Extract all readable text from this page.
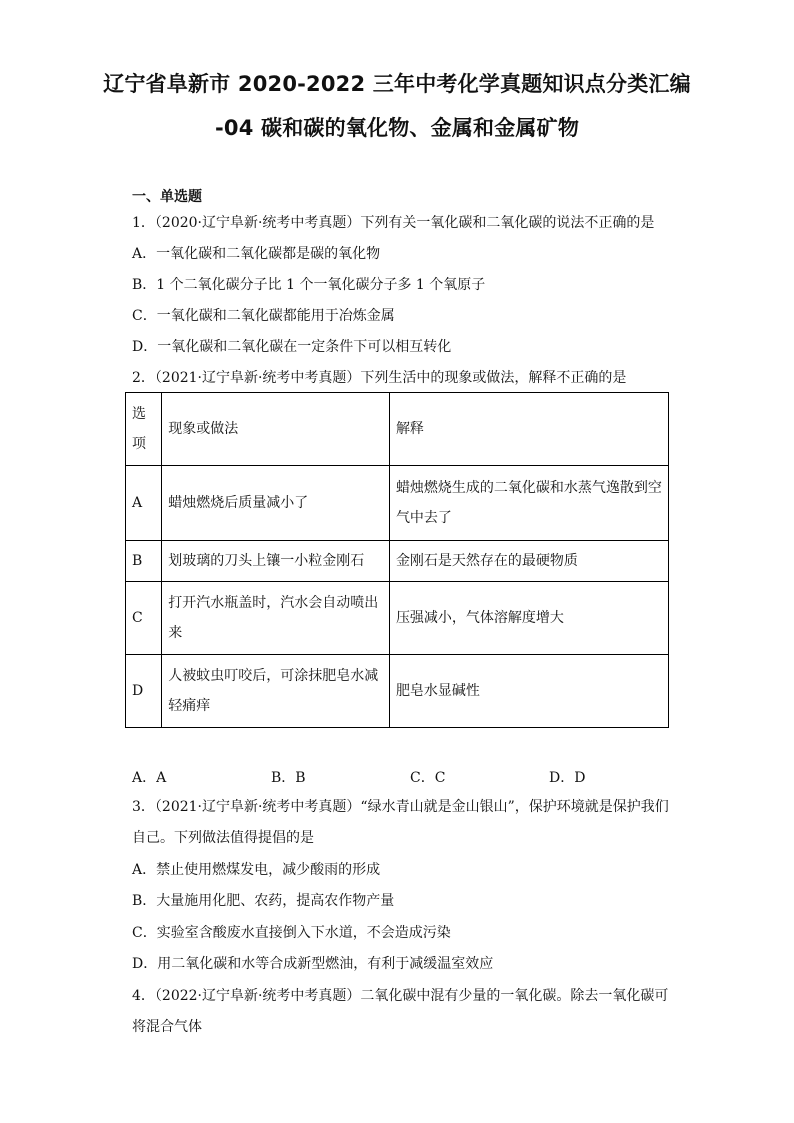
辽宁省阜新市 2020-2022 三年中考化学真题知识点分类汇编
-04 碳和碳的氧化物、金属和金属矿物
一、单选题
1．（2020·辽宁阜新·统考中考真题）下列有关一氧化碳和二氧化碳的说法不正确的是
A．一氧化碳和二氧化碳都是碳的氧化物
B．1 个二氧化碳分子比 1 个一氧化碳分子多 1 个氧原子
C．一氧化碳和二氧化碳都能用于冶炼金属
D．一氧化碳和二氧化碳在一定条件下可以相互转化
2．（2021·辽宁阜新·统考中考真题）下列生活中的现象或做法，解释不正确的是
选项	现象或做法	解释
A	蜡烛燃烧后质量减小了	蜡烛燃烧生成的二氧化碳和水蒸气逸散到空气中去了
B	划玻璃的刀头上镶一小粒金刚石	金刚石是天然存在的最硬物质
C	打开汽水瓶盖时，汽水会自动喷出来	压强减小，气体溶解度增大
D	人被蚊虫叮咬后，可涂抹肥皂水减轻痛痒	肥皂水显碱性
A．A	B．B	C．C	D．D
3．（2021·辽宁阜新·统考中考真题）“绿水青山就是金山银山”，保护环境就是保护我们
自己。下列做法值得提倡的是
A．禁止使用燃煤发电，减少酸雨的形成
B．大量施用化肥、农药，提高农作物产量
C．实验室含酸废水直接倒入下水道，不会造成污染
D．用二氧化碳和水等合成新型燃油，有利于减缓温室效应
4．（2022·辽宁阜新·统考中考真题）二氧化碳中混有少量的一氧化碳。除去一氧化碳可
将混合气体
